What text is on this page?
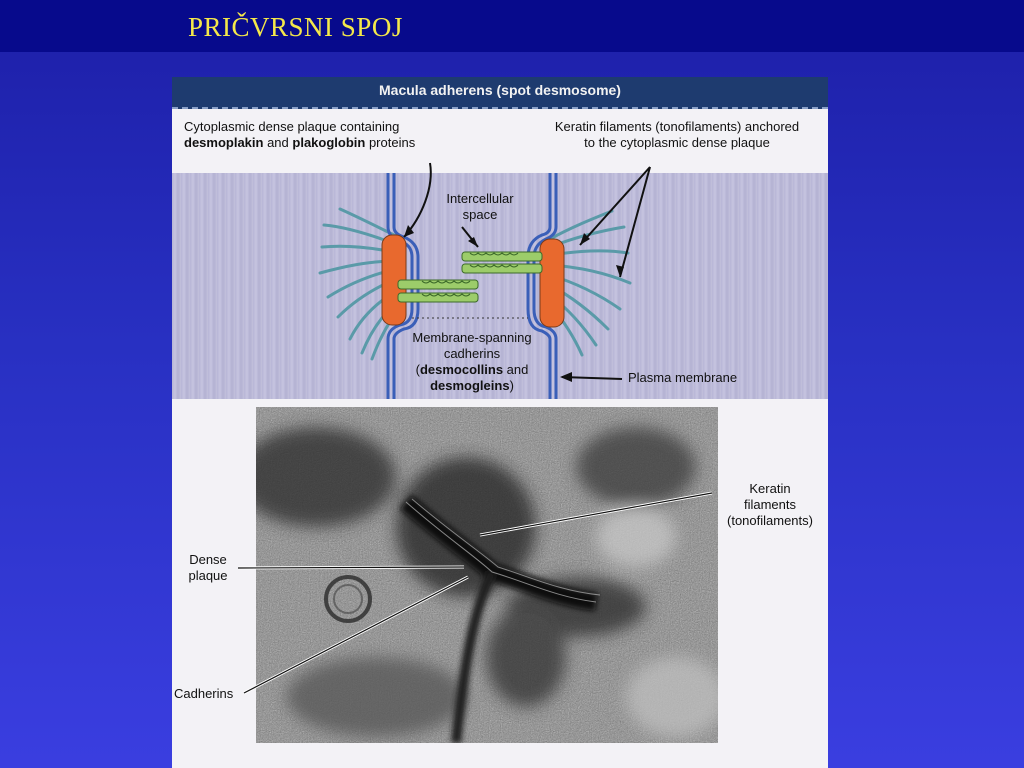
PRIČVRSNI SPOJ
Macula adherens (spot desmosome)
Cytoplasmic dense plaque containing
desmoplakin and plakoglobin proteins
Keratin filaments (tonofilaments) anchored
to the cytoplasmic dense plaque
Intercellular
space
Membrane-spanning
cadherins
(desmocollins and
desmogleins)
Plasma membrane
Keratin
filaments
(tonofilaments)
Dense
plaque
Cadherins
